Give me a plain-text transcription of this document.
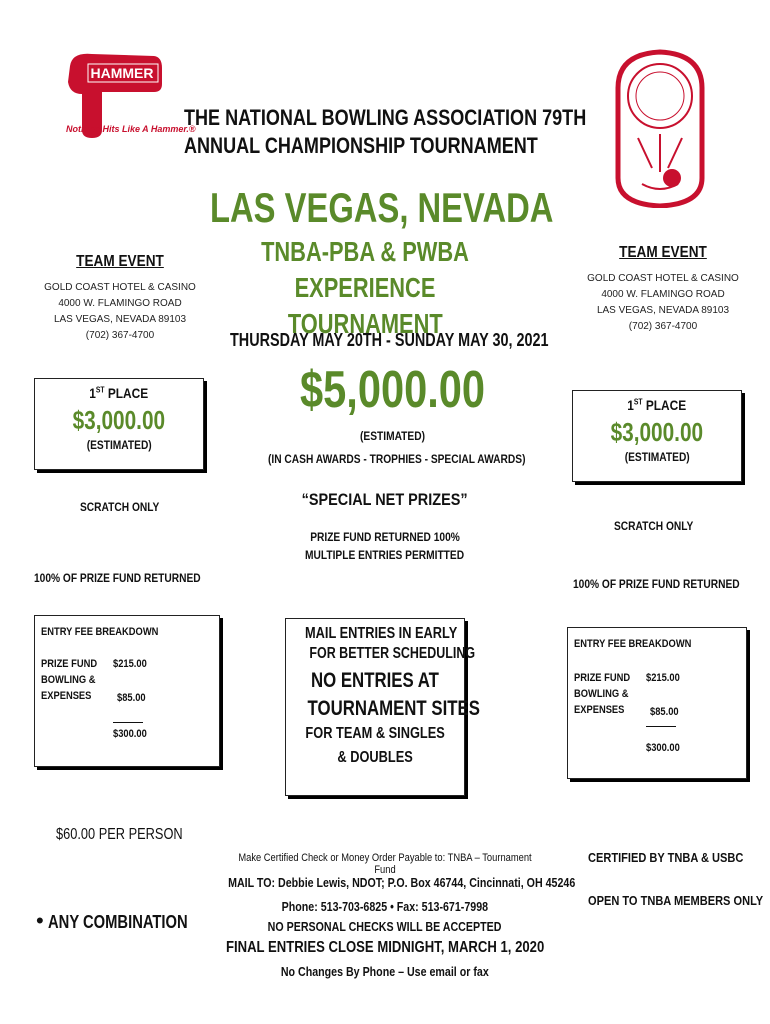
HAMMER
Nothing Hits Like A Hammer.®
THE NATIONAL BOWLING ASSOCIATION 79TH
ANNUAL CHAMPIONSHIP TOURNAMENT
LAS VEGAS, NEVADA
TNBA-PBA & PWBA EXPERIENCE
TOURNAMENT
TEAM EVENT
GOLD COAST HOTEL & CASINO
4000 W. FLAMINGO ROAD
LAS VEGAS, NEVADA 89103
(702) 367-4700
TEAM EVENT
GOLD COAST HOTEL & CASINO
4000 W. FLAMINGO ROAD
LAS VEGAS, NEVADA 89103
(702) 367-4700
THURSDAY MAY 20TH - SUNDAY MAY 30, 2021
$5,000.00
(ESTIMATED)
(IN CASH AWARDS - TROPHIES - SPECIAL AWARDS)
1ST PLACE
$3,000.00
(ESTIMATED)
1ST PLACE
$3,000.00
(ESTIMATED)
SCRATCH ONLY
SCRATCH ONLY
“SPECIAL NET PRIZES”
PRIZE FUND RETURNED 100%
MULTIPLE ENTRIES PERMITTED
100% OF PRIZE FUND RETURNED	100% OF PRIZE FUND RETURNED
ENTRY FEE BREAKDOWN
PRIZE FUND $215.00
BOWLING &
EXPENSES $85.00
$300.00
ENTRY FEE BREAKDOWN
PRIZE FUND $215.00
BOWLING &
EXPENSES $85.00
$300.00
MAIL ENTRIES IN EARLY
FOR BETTER SCHEDULING
NO ENTRIES AT
TOURNAMENT SITES
FOR TEAM & SINGLES
& DOUBLES
$60.00 PER PERSON
• ANY COMBINATION
CERTIFIED BY TNBA & USBC
OPEN TO TNBA MEMBERS ONLY
Make Certified Check or Money Order Payable to: TNBA – Tournament Fund
MAIL TO: Debbie Lewis, NDOT; P.O. Box 46744, Cincinnati, OH 45246
Phone: 513-703-6825 • Fax: 513-671-7998
NO PERSONAL CHECKS WILL BE ACCEPTED
FINAL ENTRIES CLOSE MIDNIGHT, MARCH 1, 2020
No Changes By Phone – Use email or fax
